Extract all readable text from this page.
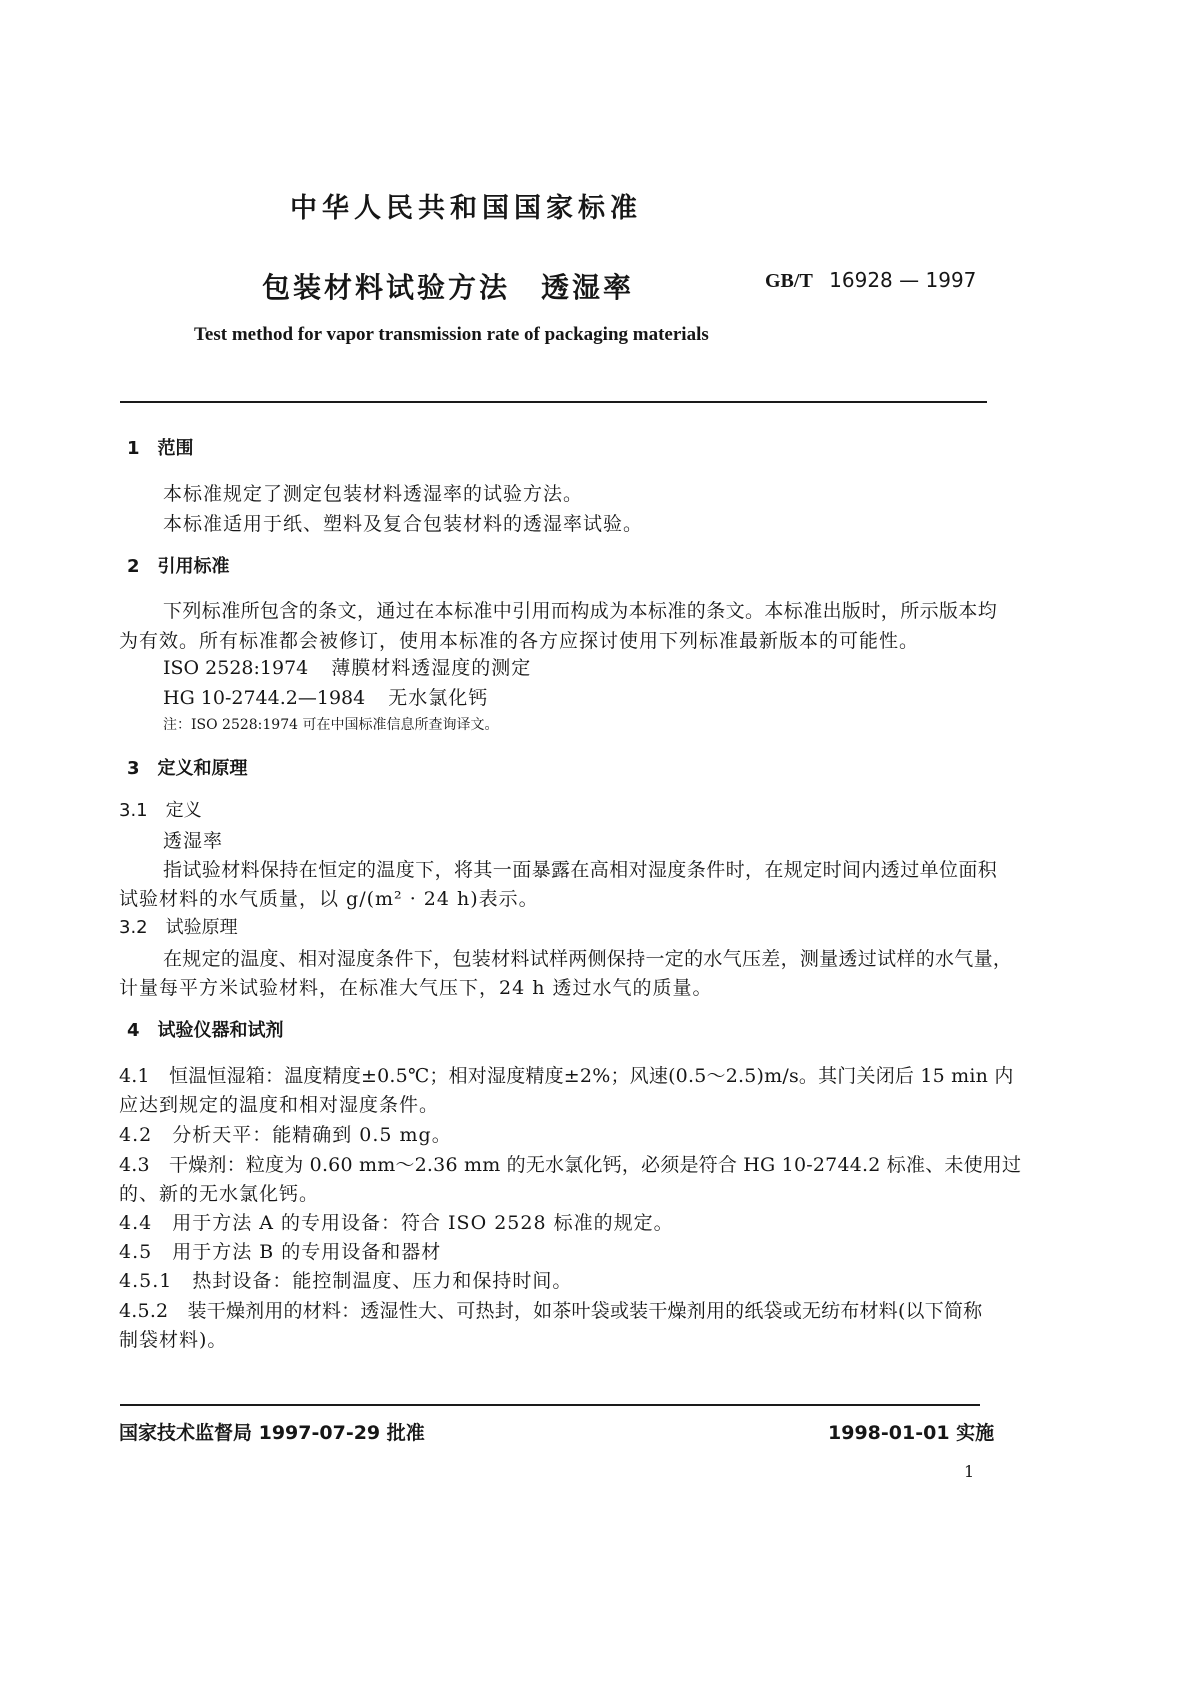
中华人民共和国国家标准
包装材料试验方法　透湿率	GB/T 16928 — 1997
Test method for vapor transmission rate of packaging materials
1　范围
本标准规定了测定包装材料透湿率的试验方法。
本标准适用于纸、塑料及复合包装材料的透湿率试验。
2　引用标准
下列标准所包含的条文，通过在本标准中引用而构成为本标准的条文。本标准出版时，所示版本均
为有效。所有标准都会被修订，使用本标准的各方应探讨使用下列标准最新版本的可能性。
ISO 2528:1974 薄膜材料透湿度的测定
HG 10-2744.2—1984 无水氯化钙
注：ISO 2528:1974 可在中国标准信息所查询译文。
3　定义和原理
3.1　定义
透湿率
指试验材料保持在恒定的温度下，将其一面暴露在高相对湿度条件时，在规定时间内透过单位面积
试验材料的水气质量，以 g/(m² · 24 h)表示。
3.2　试验原理
在规定的温度、相对湿度条件下，包装材料试样两侧保持一定的水气压差，测量透过试样的水气量，
计量每平方米试验材料，在标准大气压下，24 h 透过水气的质量。
4　试验仪器和试剂
4.1　恒温恒湿箱：温度精度±0.5℃；相对湿度精度±2%；风速(0.5～2.5)m/s。其门关闭后 15 min 内
应达到规定的温度和相对湿度条件。
4.2　分析天平：能精确到 0.5 mg。
4.3　干燥剂：粒度为 0.60 mm～2.36 mm 的无水氯化钙，必须是符合 HG 10-2744.2 标准、未使用过
的、新的无水氯化钙。
4.4　用于方法 A 的专用设备：符合 ISO 2528 标准的规定。
4.5　用于方法 B 的专用设备和器材
4.5.1　热封设备：能控制温度、压力和保持时间。
4.5.2　装干燥剂用的材料：透湿性大、可热封，如茶叶袋或装干燥剂用的纸袋或无纺布材料(以下简称
制袋材料)。
国家技术监督局 1997-07-29 批准	1998-01-01 实施
1
